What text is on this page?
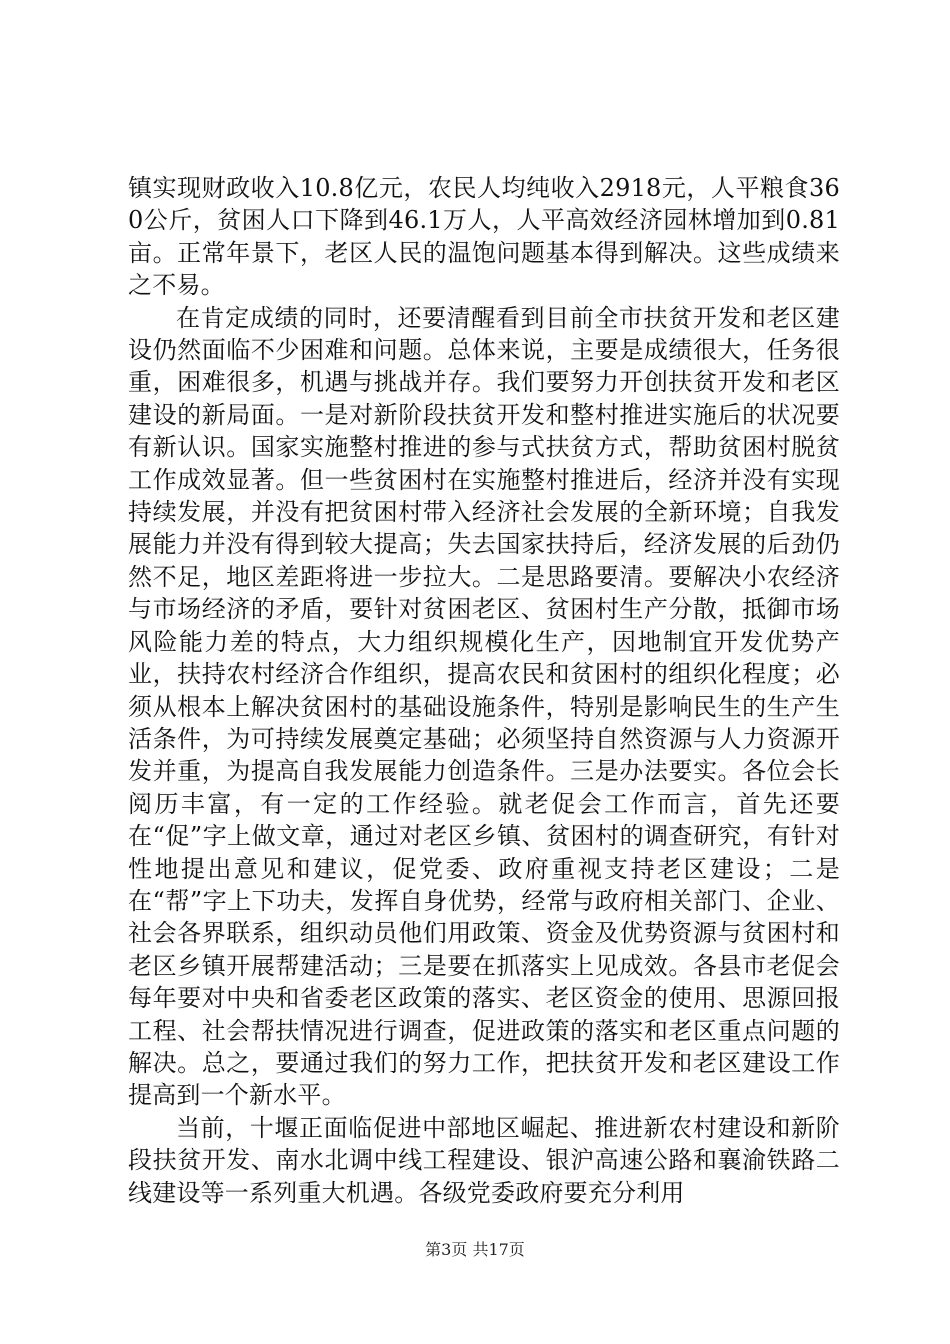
镇实现财政收入10.8亿元，农民人均纯收入2918元，人平粮食360公斤，贫困人口下降到46.1万人，人平高效经济园林增加到0.81亩。正常年景下，老区人民的温饱问题基本得到解决。这些成绩来之不易。

在肯定成绩的同时，还要清醒看到目前全市扶贫开发和老区建设仍然面临不少困难和问题。总体来说，主要是成绩很大，任务很重，困难很多，机遇与挑战并存。我们要努力开创扶贫开发和老区建设的新局面。一是对新阶段扶贫开发和整村推进实施后的状况要有新认识。国家实施整村推进的参与式扶贫方式，帮助贫困村脱贫工作成效显著。但一些贫困村在实施整村推进后，经济并没有实现持续发展，并没有把贫困村带入经济社会发展的全新环境；自我发展能力并没有得到较大提高；失去国家扶持后，经济发展的后劲仍然不足，地区差距将进一步拉大。二是思路要清。要解决小农经济与市场经济的矛盾，要针对贫困老区、贫困村生产分散，抵御市场风险能力差的特点，大力组织规模化生产，因地制宜开发优势产业，扶持农村经济合作组织，提高农民和贫困村的组织化程度；必须从根本上解决贫困村的基础设施条件，特别是影响民生的生产生活条件，为可持续发展奠定基础；必须坚持自然资源与人力资源开发并重，为提高自我发展能力创造条件。三是办法要实。各位会长阅历丰富，有一定的工作经验。就老促会工作而言，首先还要在“促”字上做文章，通过对老区乡镇、贫困村的调查研究，有针对性地提出意见和建议，促党委、政府重视支持老区建设；二是在“帮”字上下功夫，发挥自身优势，经常与政府相关部门、企业、社会各界联系，组织动员他们用政策、资金及优势资源与贫困村和老区乡镇开展帮建活动；三是要在抓落实上见成效。各县市老促会每年要对中央和省委老区政策的落实、老区资金的使用、思源回报工程、社会帮扶情况进行调查，促进政策的落实和老区重点问题的解决。总之，要通过我们的努力工作，把扶贫开发和老区建设工作提高到一个新水平。

当前，十堰正面临促进中部地区崛起、推进新农村建设和新阶段扶贫开发、南水北调中线工程建设、银沪高速公路和襄渝铁路二线建设等一系列重大机遇。各级党委政府要充分利用

第3页 共17页
